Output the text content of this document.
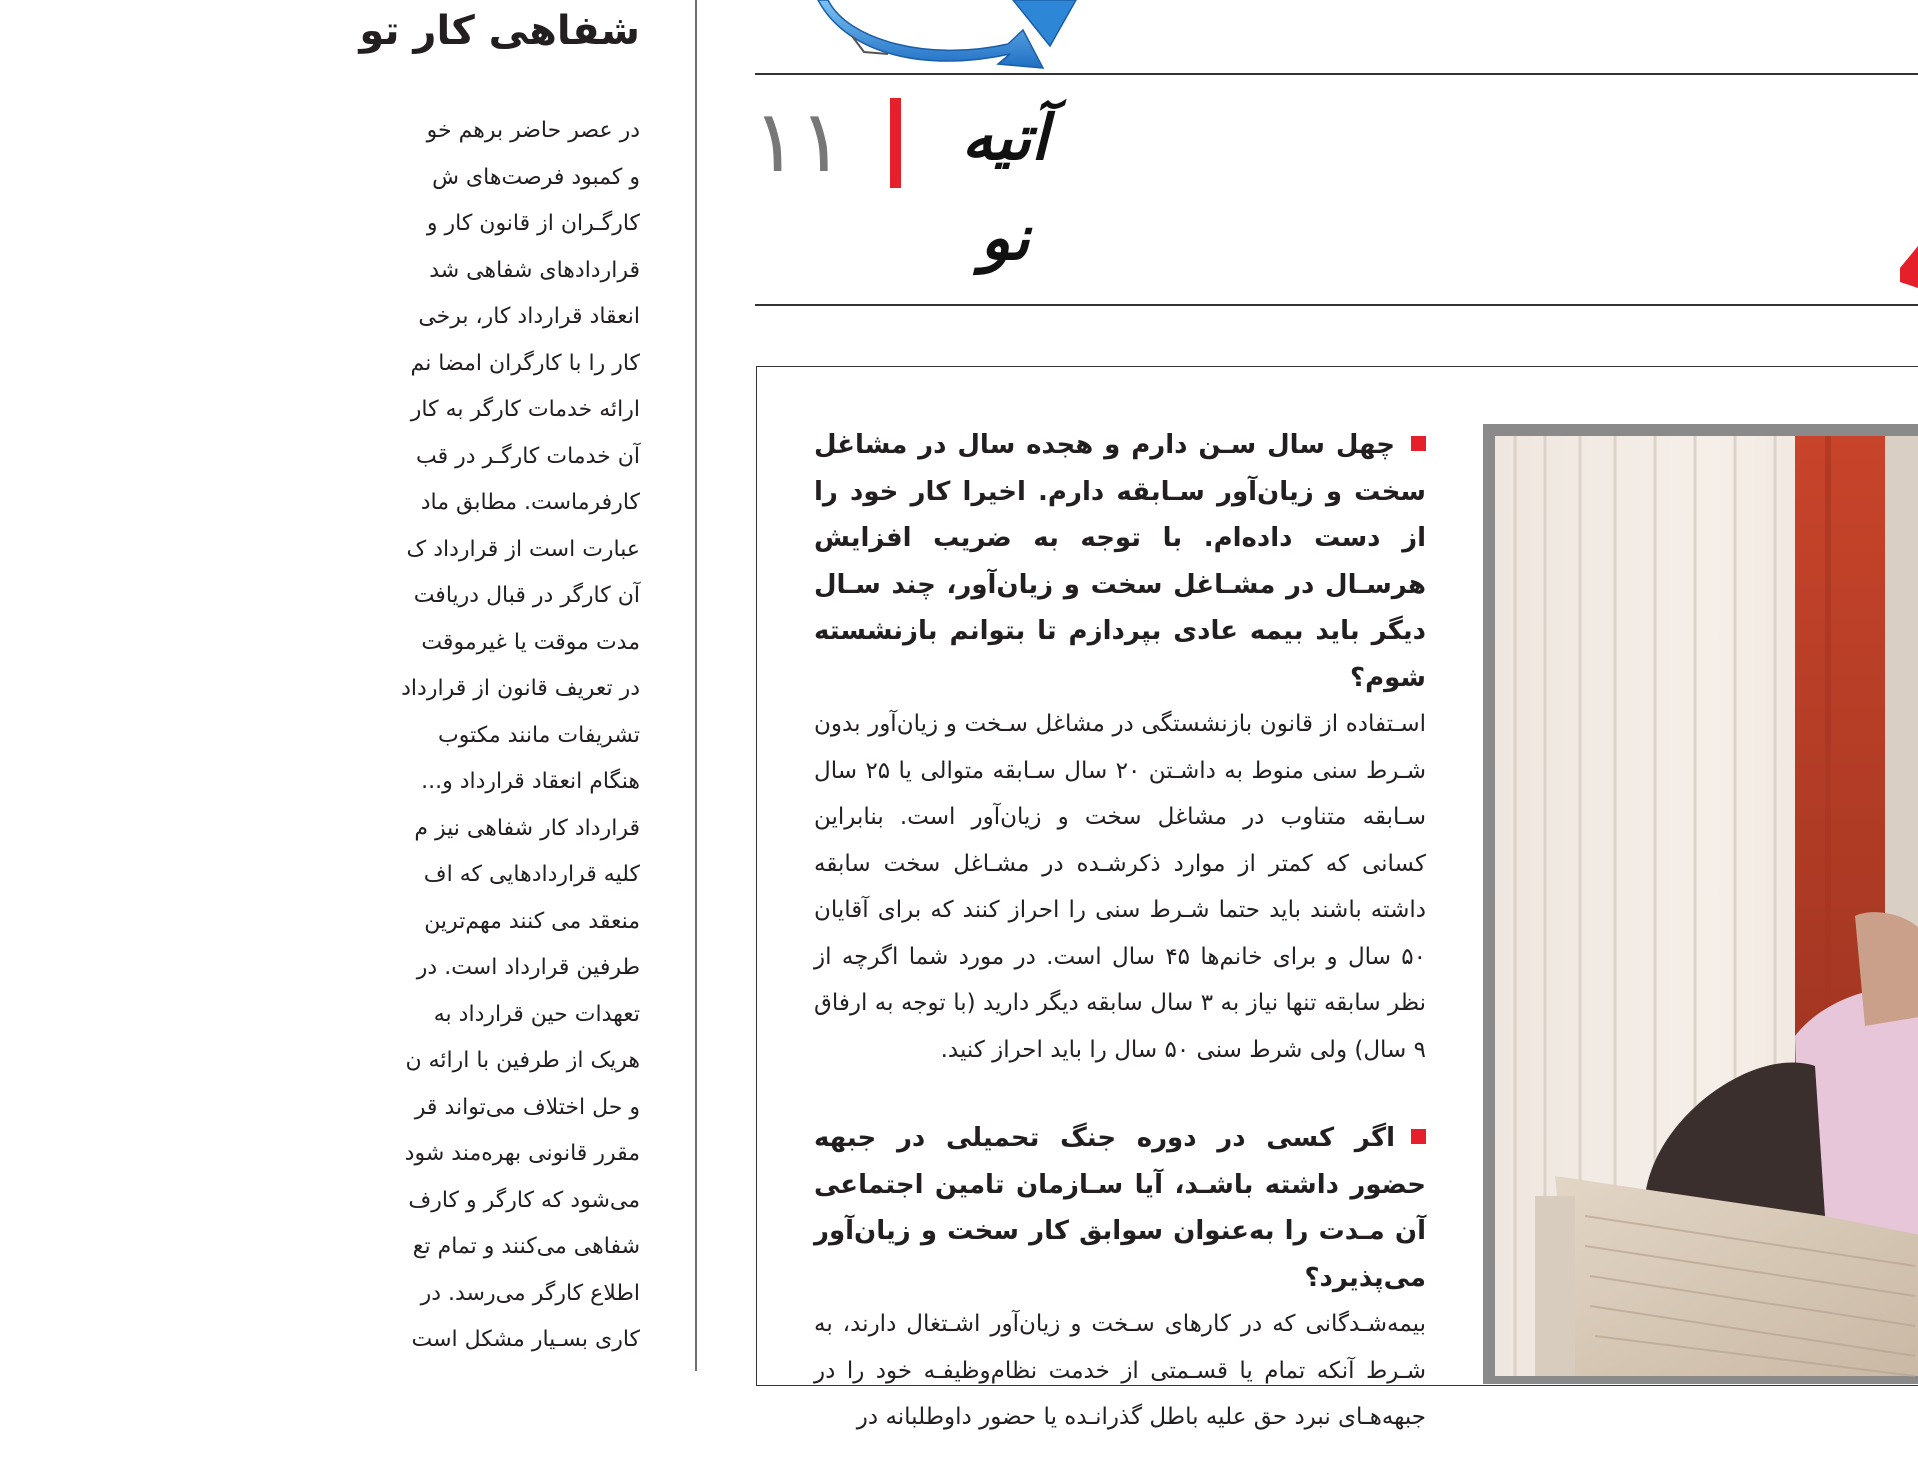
شفاهی کار تو
در عصر حاضر برهم خو
و کمبود فرصت‌های ش
کارگـران از قانون کار و
قراردادهای شفاهی شد
انعقاد قرارداد کار، برخی
کار را با کارگران امضا نم
ارائه خدمات کارگر به کار
آن خدمات کارگـر در قب
کارفرماست. مطابق ماد
عبارت است از قرارداد ک
آن کارگر در قبال دریافت
مدت موقت یا غیرموقت
در تعریف قانون از قرارداد
تشریفات مانند مکتوب
هنگام انعقاد قرارداد و...
قرارداد کار شفاهی نیز م
کلیه قراردادهایی که اف
منعقد می کنند مهم‌ترین
طرفین قرارداد است. در
تعهدات حین قرارداد به
هریک از طرفین با ارائه ن
و حل اختلاف می‌تواند قر
مقرر قانونی بهره‌مند شود
می‌شود که کارگر و کارف
شفاهی می‌کنند و تمام تع
اطلاع کارگر می‌رسد. در
کاری بسـیار مشکل است
۱۱	آتیه نو

چهل سال سـن دارم و هجده سال در مشاغل سخت و زیان‌آور سـابقه دارم. اخیرا کار خود را از دست داده‌ام. با توجه به ضریب افزایش هرسـال در مشـاغل سخت و زیان‌آور، چند سـال دیگر باید بیمه عادی بپردازم تا بتوانم بازنشسته شوم؟

اسـتفاده از قانون بازنشستگی در مشاغل سـخت و زیان‌آور بدون شـرط سنی منوط به داشـتن ۲۰ سال سـابقه متوالی یا ۲۵ سال سـابقه متناوب در مشاغل سخت و زیان‌آور است. بنابراین کسانی که کمتر از موارد ذکرشـده در مشـاغل سخت سابقه داشته باشند باید حتما شـرط سنی را احراز کنند که برای آقایان ۵۰ سال و برای خانم‌ها ۴۵ سال است. در مورد شما اگرچه از نظر سابقه تنها نیاز به ۳ سال سابقه دیگر دارید (با توجه به ارفاق ۹ سال) ولی شرط سنی ۵۰ سال را باید احراز کنید.

اگر کسی در دوره جنگ تحمیلی در جبهه حضور داشته باشـد، آیا سـازمان تامین اجتماعی آن مـدت را به‌عنوان سوابق کار سخت و زیان‌آور می‌پذیرد؟

بیمه‌شـدگانی که در کارهای سـخت و زیان‌آور اشـتغال دارند، به شـرط آنکه تمام یا قسـمتی از خدمت نظام‌وظیفـه خود را در جبهه‌هـای نبرد حق علیه باطل گذرانـده یا حضور داوطلبانه در
